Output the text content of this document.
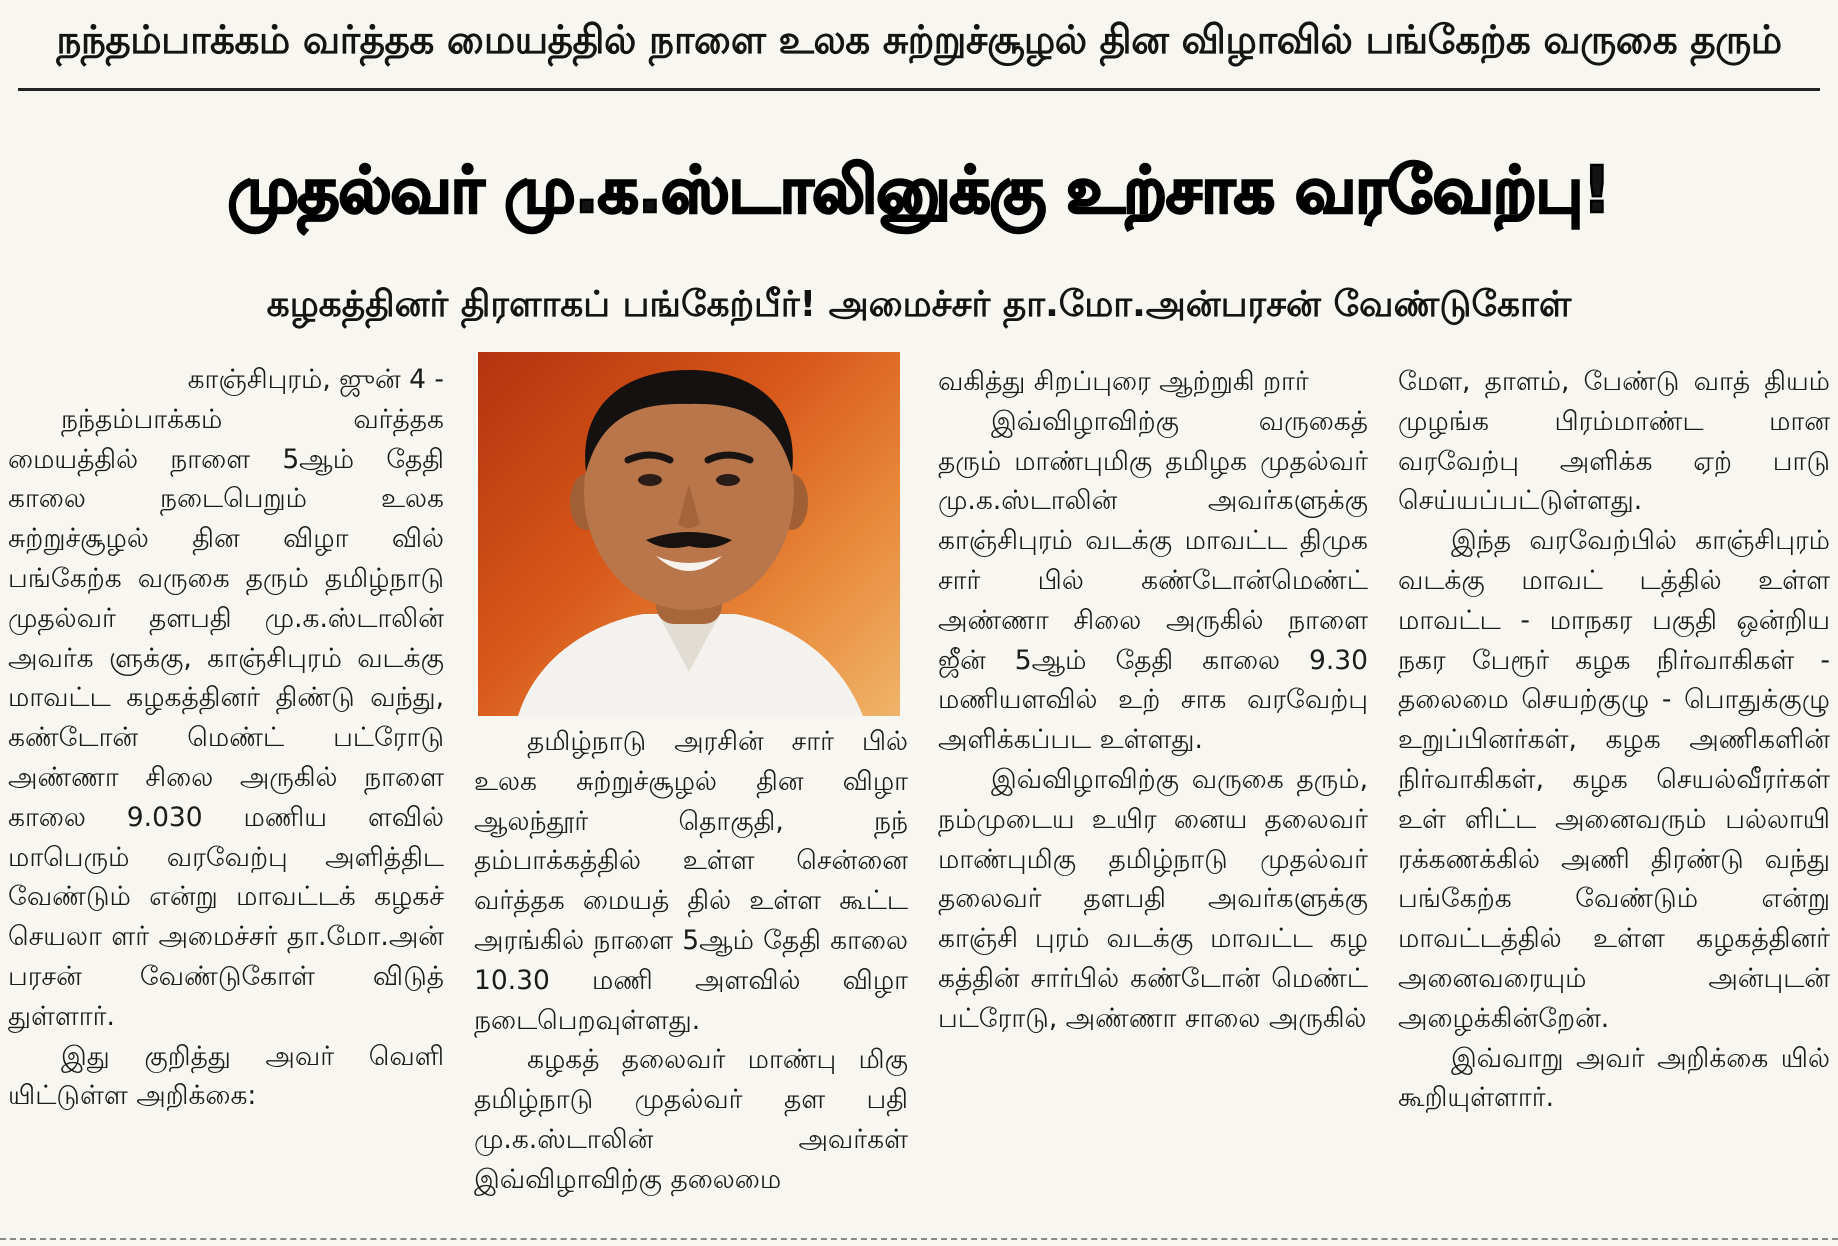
நந்தம்பாக்கம் வர்த்தக மையத்தில் நாளை உலக சுற்றுச்சூழல் தின விழாவில் பங்கேற்க வருகை தரும்
முதல்வர் மு.க.ஸ்டாலினுக்கு உற்சாக வரவேற்பு!
கழகத்தினர் திரளாகப் பங்கேற்பீர்! அமைச்சர் தா.மோ.அன்பரசன் வேண்டுகோள்

காஞ்சிபுரம், ஜுன் 4 -

நந்தம்பாக்கம் வர்த்தக மையத்தில் நாளை 5ஆம் தேதி காலை நடைபெறும் உலக சுற்றுச்சூழல் தின விழா வில் பங்கேற்க வருகை தரும் தமிழ்நாடு முதல்வர் தளபதி மு.க.ஸ்டாலின் அவர்க ளுக்கு, காஞ்சிபுரம் வடக்கு மாவட்ட கழகத்தினர் திண்டு வந்து, கண்டோன் மெண்ட் பட்ரோடு அண்ணா சிலை அருகில் நாளை காலை 9.030 மணிய ளவில் மாபெரும் வரவேற்பு அளித்திட வேண்டும் என்று மாவட்டக் கழகச் செயலா ளர் அமைச்சர் தா.மோ.அன் பரசன் வேண்டுகோள் விடுத் துள்ளார்.

இது குறித்து அவர் வெளி யிட்டுள்ள அறிக்கை:

தமிழ்நாடு அரசின் சார் பில் உலக சுற்றுச்சூழல் தின விழா ஆலந்தூர் தொகுதி, நந் தம்பாக்கத்தில் உள்ள சென்னை வர்த்தக மையத் தில் உள்ள கூட்ட அரங்கில் நாளை 5ஆம் தேதி காலை 10.30 மணி அளவில் விழா நடைபெறவுள்ளது.

கழகத் தலைவர் மாண்பு மிகு தமிழ்நாடு முதல்வர் தள பதி மு.க.ஸ்டாலின் அவர்கள் இவ்விழாவிற்கு தலைமை

வகித்து சிறப்புரை ஆற்றுகி றார்

இவ்விழாவிற்கு வருகைத் தரும் மாண்புமிகு தமிழக முதல்வர் மு.க.ஸ்டாலின் அவர்களுக்கு காஞ்சிபுரம் வடக்கு மாவட்ட திமுக சார் பில் கண்டோன்மெண்ட் அண்ணா சிலை அருகில் நாளை ஜீன் 5ஆம் தேதி காலை 9.30 மணியளவில் உற் சாக வரவேற்பு அளிக்கப்பட உள்ளது.

இவ்விழாவிற்கு வருகை தரும், நம்முடைய உயிர னைய தலைவர் மாண்புமிகு தமிழ்நாடு முதல்வர் தலைவர் தளபதி அவர்களுக்கு காஞ்சி புரம் வடக்கு மாவட்ட கழ கத்தின் சார்பில் கண்டோன் மெண்ட் பட்ரோடு, அண்ணா சாலை அருகில்

மேள, தாளம், பேண்டு வாத் தியம் முழங்க பிரம்மாண்ட மான வரவேற்பு அளிக்க ஏற் பாடு செய்யப்பட்டுள்ளது.

இந்த வரவேற்பில் காஞ்சிபுரம் வடக்கு மாவட் டத்தில் உள்ள மாவட்ட - மாநகர பகுதி ஒன்றிய நகர பேரூர் கழக நிர்வாகிகள் - தலைமை செயற்குழு - பொதுக்குழு உறுப்பினர்கள், கழக அணிகளின் நிர்வாகிகள், கழக செயல்வீரர்கள் உள் ளிட்ட அனைவரும் பல்லாயி ரக்கணக்கில் அணி திரண்டு வந்து பங்கேற்க வேண்டும் என்று மாவட்டத்தில் உள்ள கழகத்தினர் அனைவரையும் அன்புடன் அழைக்கின்றேன்.

இவ்வாறு அவர் அறிக்கை யில் கூறியுள்ளார்.
